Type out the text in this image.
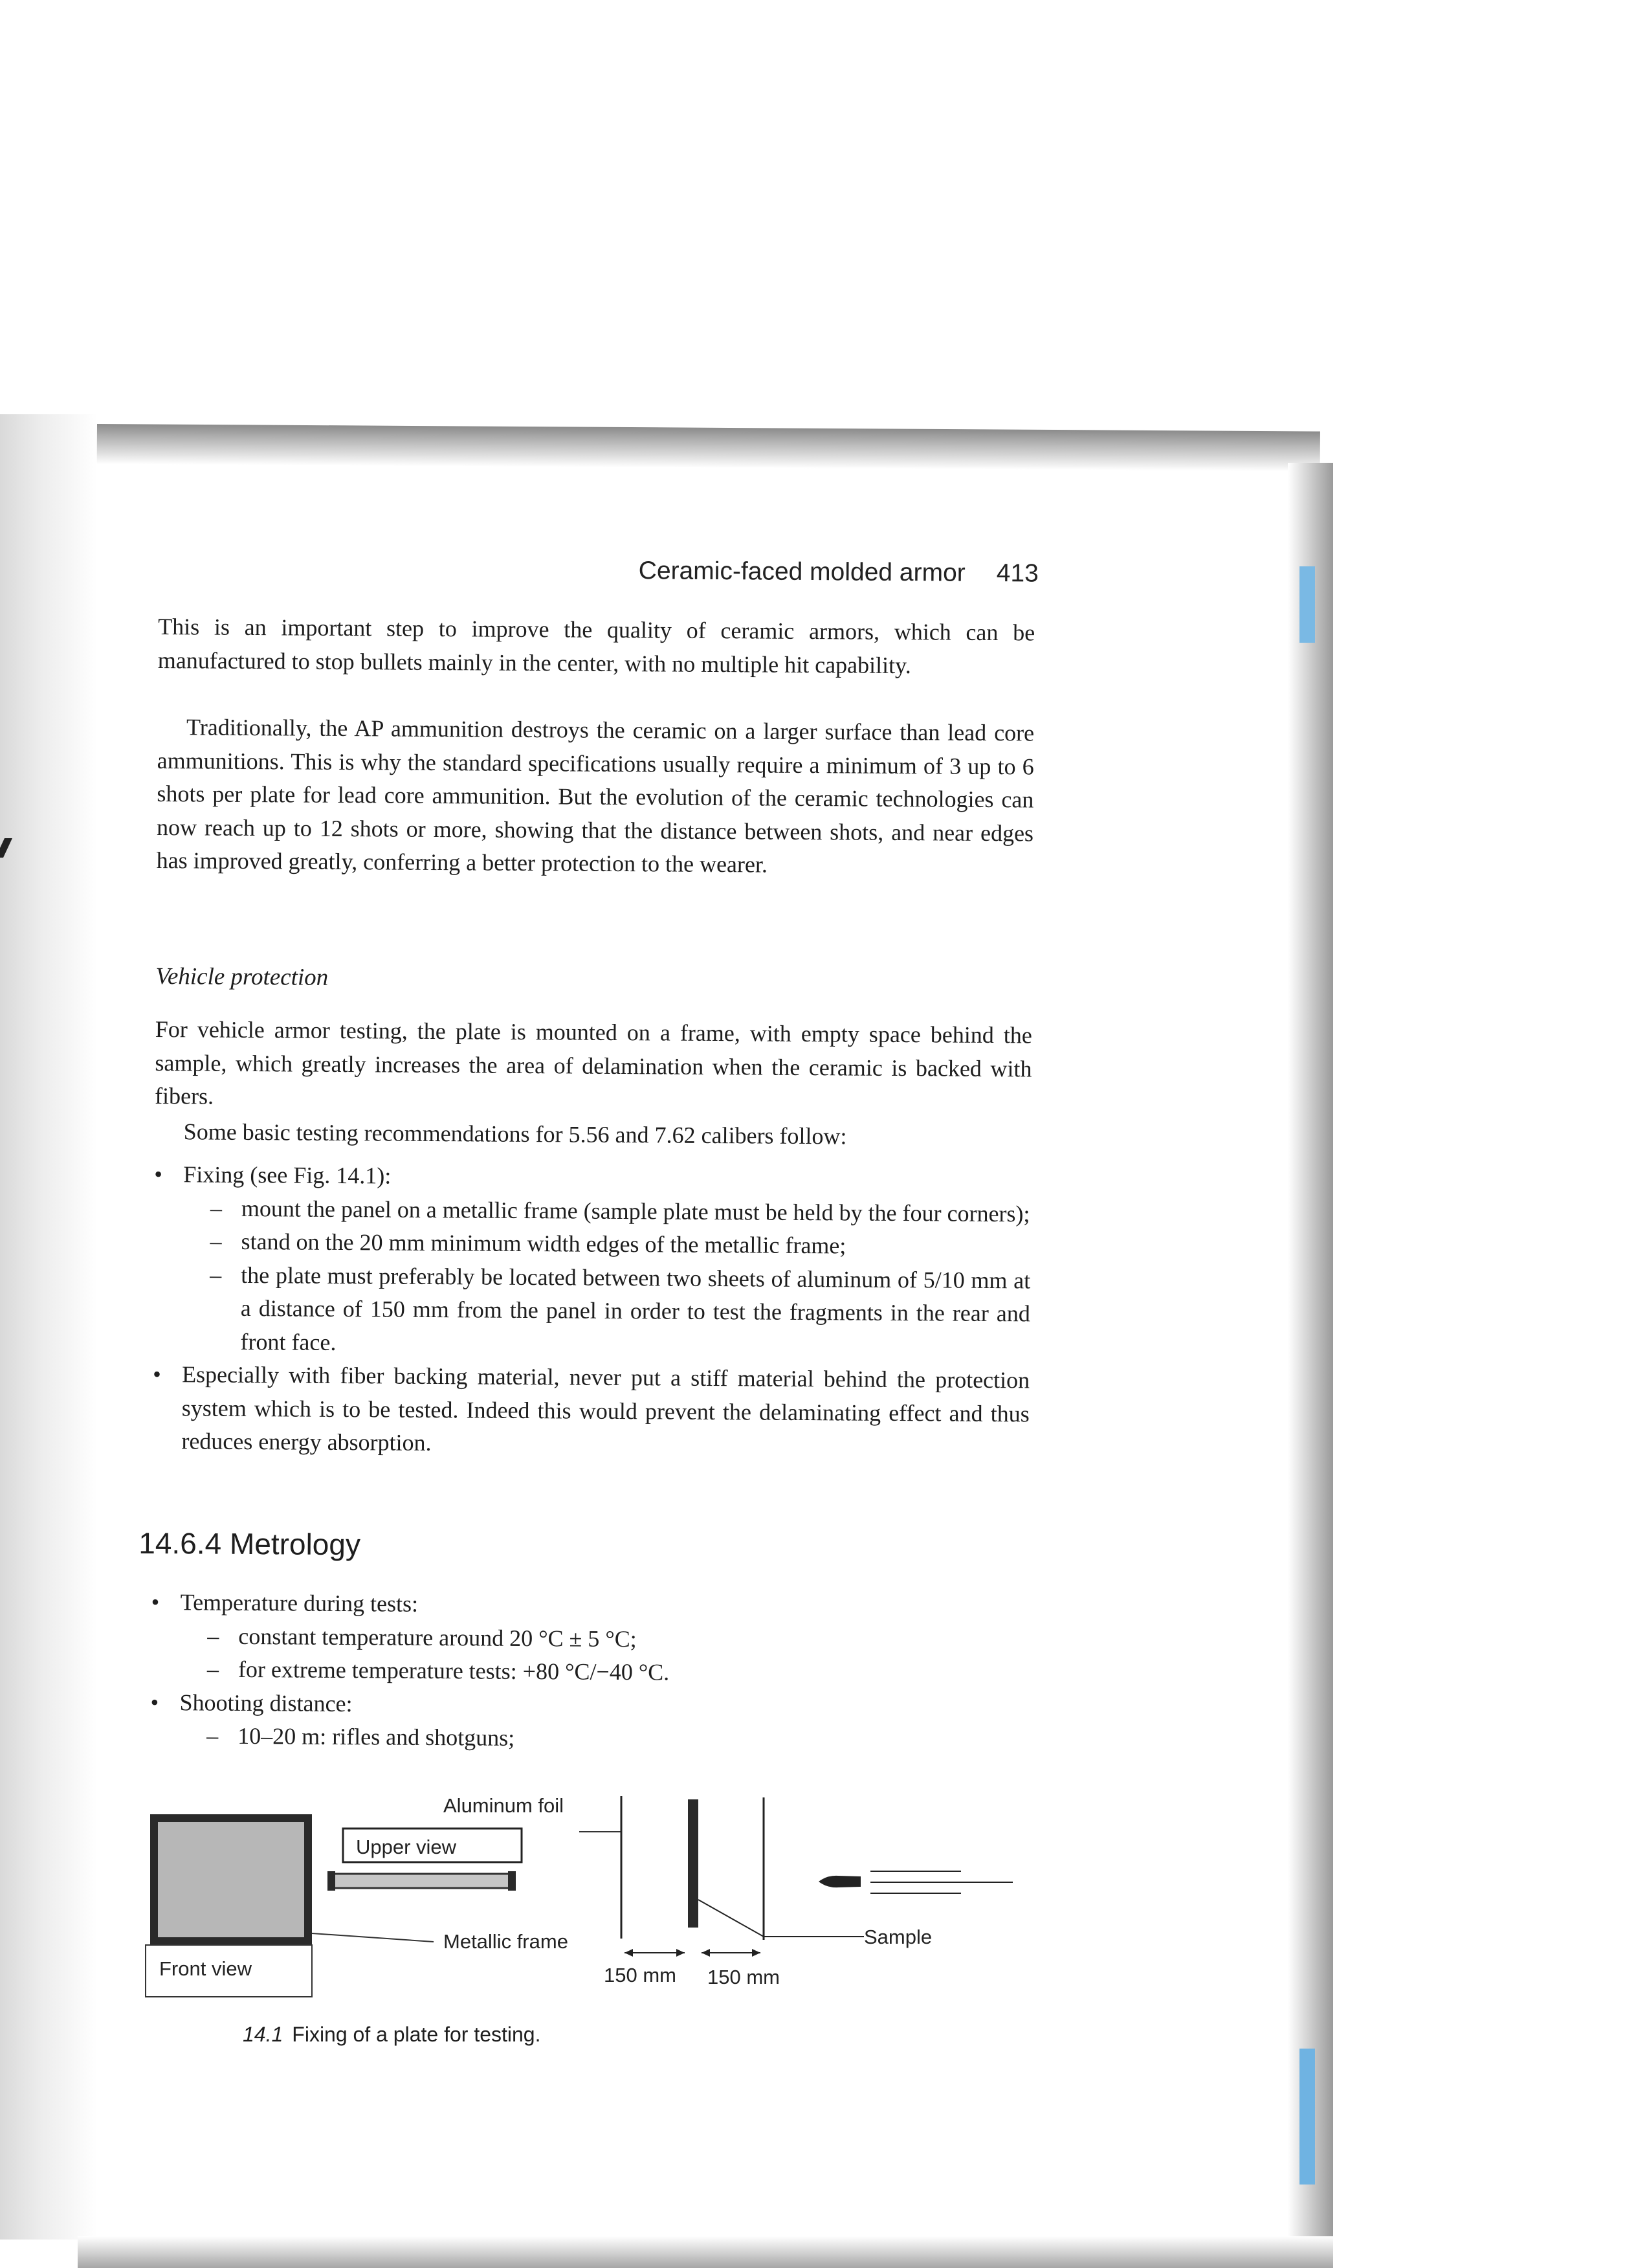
Ceramic-faced molded armor 413

This is an important step to improve the quality of ceramic armors, which can be manufactured to stop bullets mainly in the center, with no multiple hit capability.

Traditionally, the AP ammunition destroys the ceramic on a larger surface than lead core ammunitions. This is why the standard specifications usually require a minimum of 3 up to 6 shots per plate for lead core ammunition. But the evolution of the ceramic technologies can now reach up to 12 shots or more, showing that the distance between shots, and near edges has improved greatly, conferring a better protection to the wearer.

Vehicle protection

For vehicle armor testing, the plate is mounted on a frame, with empty space behind the sample, which greatly increases the area of delamination when the ceramic is backed with fibers.

Some basic testing recommendations for 5.56 and 7.62 calibers follow:

• Fixing (see Fig. 14.1):
– mount the panel on a metallic frame (sample plate must be held by the four corners);
– stand on the 20 mm minimum width edges of the metallic frame;
– the plate must preferably be located between two sheets of aluminum of 5/10 mm at a distance of 150 mm from the panel in order to test the fragments in the rear and front face.
• Especially with fiber backing material, never put a stiff material behind the protection system which is to be tested. Indeed this would prevent the delaminating effect and thus reduces energy absorption.
14.6.4 Metrology
• Temperature during tests:
– constant temperature around 20 °C ± 5 °C;
– for extreme temperature tests: +80 °C/−40 °C.
• Shooting distance:
– 10–20 m: rifles and shotguns;
Front view
Upper view
Metallic frame
Aluminum foil
Sample
150 mm 150 mm
14.1 Fixing of a plate for testing.
